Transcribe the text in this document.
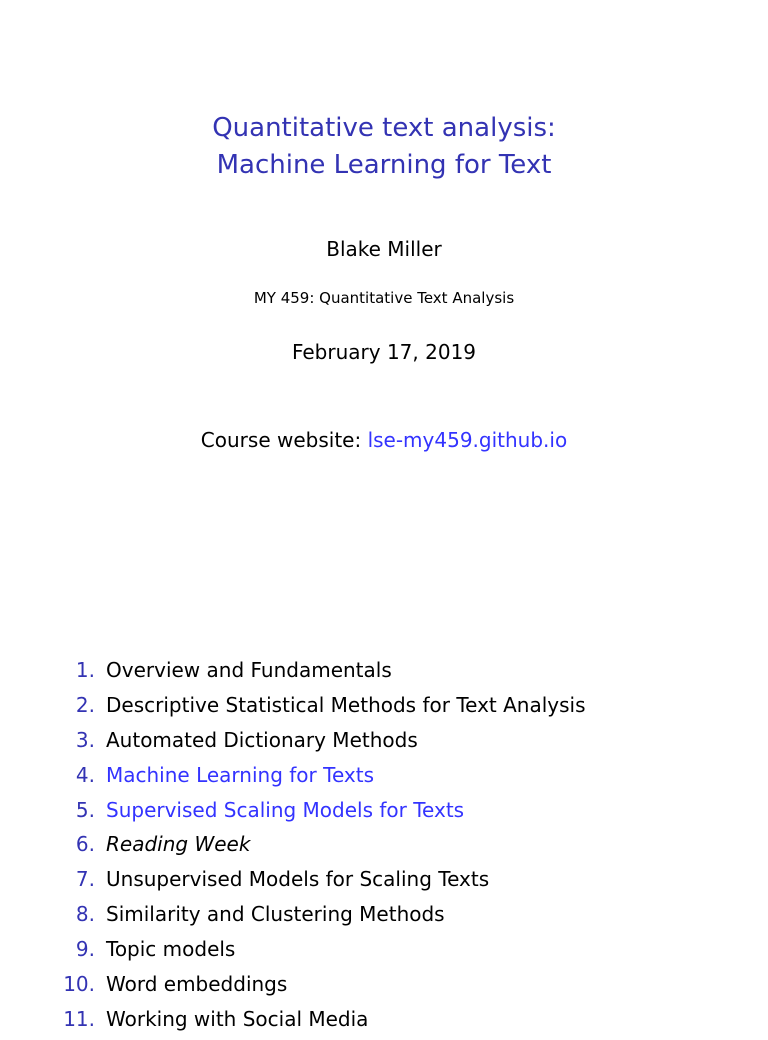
Quantitative text analysis:
Machine Learning for Text
Blake Miller
MY 459: Quantitative Text Analysis
February 17, 2019
Course website: lse-my459.github.io
1. Overview and Fundamentals
2. Descriptive Statistical Methods for Text Analysis
3. Automated Dictionary Methods
4. Machine Learning for Texts
5. Supervised Scaling Models for Texts
6. Reading Week
7. Unsupervised Models for Scaling Texts
8. Similarity and Clustering Methods
9. Topic models
10. Word embeddings
11. Working with Social Media
